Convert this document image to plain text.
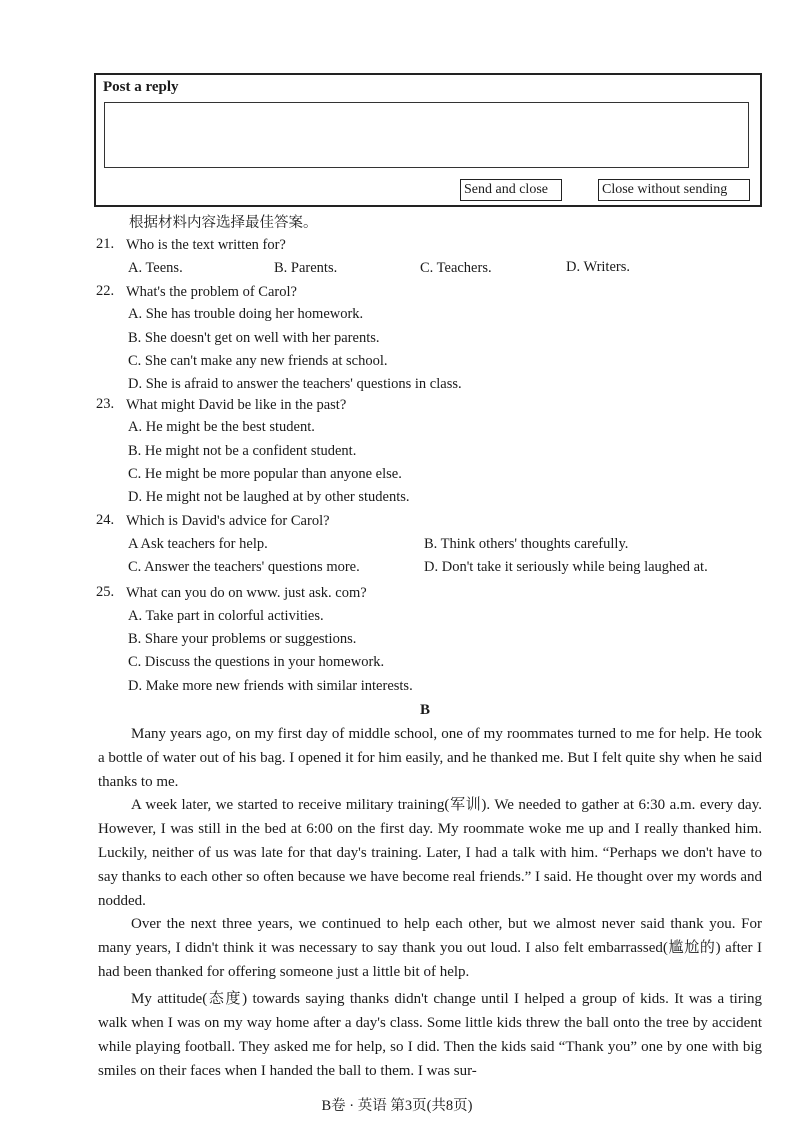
Post a reply
Send and close	Close without sending
根据材料内容选择最佳答案。
21. Who is the text written for?
A. Teens.	B. Parents.	C. Teachers.	D. Writers.
22. What's the problem of Carol?
A. She has trouble doing her homework.
B. She doesn't get on well with her parents.
C. She can't make any new friends at school.
D. She is afraid to answer the teachers' questions in class.
23. What might David be like in the past?
A. He might be the best student.
B. He might not be a confident student.
C. He might be more popular than anyone else.
D. He might not be laughed at by other students.
24. Which is David's advice for Carol?
A Ask teachers for help.	B. Think others' thoughts carefully.
C. Answer the teachers' questions more.	D. Don't take it seriously while being laughed at.
25. What can you do on www. just ask. com?
A. Take part in colorful activities.
B. Share your problems or suggestions.
C. Discuss the questions in your homework.
D. Make more new friends with similar interests.
B

Many years ago, on my first day of middle school, one of my roommates turned to me for help. He took a bottle of water out of his bag. I opened it for him easily, and he thanked me. But I felt quite shy when he said thanks to me.

A week later, we started to receive military training(军训). We needed to gather at 6:30 a.m. every day. However, I was still in the bed at 6:00 on the first day. My roommate woke me up and I really thanked him. Luckily, neither of us was late for that day's training. Later, I had a talk with him. “Perhaps we don't have to say thanks to each other so often because we have become real friends.” I said. He thought over my words and nodded.

Over the next three years, we continued to help each other, but we almost never said thank you. For many years, I didn't think it was necessary to say thank you out loud. I also felt embarrassed(尴尬的) after I had been thanked for offering someone just a little bit of help.

My attitude(态度) towards saying thanks didn't change until I helped a group of kids. It was a tiring walk when I was on my way home after a day's class. Some little kids threw the ball onto the tree by accident while playing football. They asked me for help, so I did. Then the kids said “Thank you” one by one with big smiles on their faces when I handed the ball to them. I was sur-

B卷 · 英语 第3页(共8页)
